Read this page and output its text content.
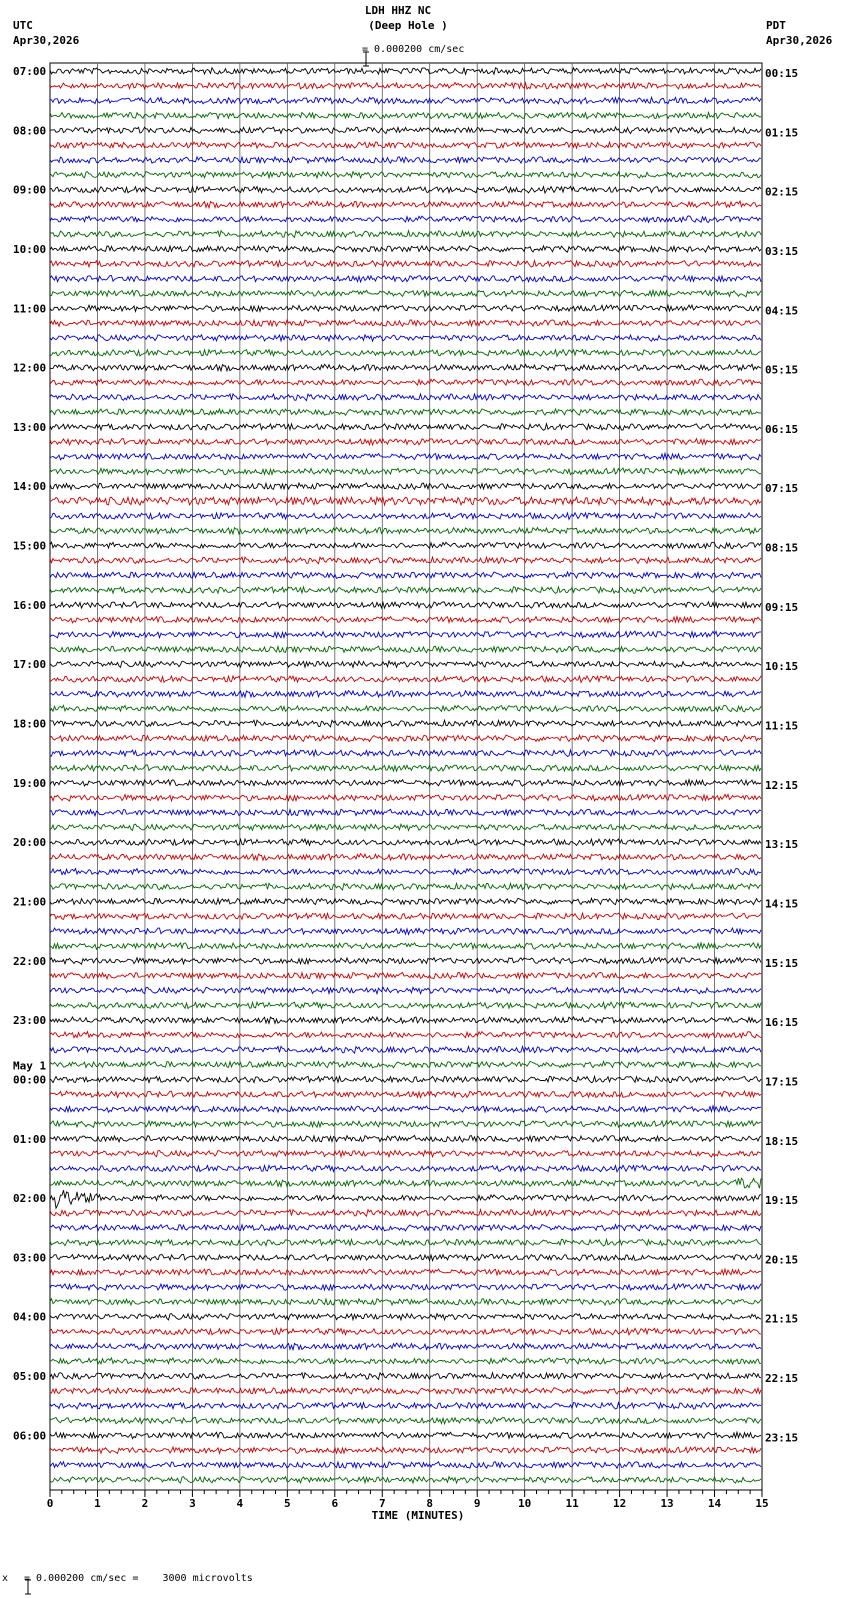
LDH HHZ NC
(Deep Hole )

= 0.000200 cm/sec
UTC
Apr30,2026
PDT
Apr30,2026
07:00	00:15
08:00	01:15
09:00	02:15
10:00	03:15
11:00	04:15
12:00	05:15
13:00	06:15
14:00	07:15
15:00	08:15
16:00	09:15
17:00	10:15
18:00	11:15
19:00	12:15
20:00	13:15
21:00	14:15
22:00	15:15
23:00	16:15
00:00	17:15
01:00	18:15
02:00	19:15
03:00	20:15
04:00	21:15
05:00	22:15
06:00	23:15
May 1
0	1	2	3	4	5	6	7	8	9	10	11	12	13	14	15
TIME (MINUTES)
x

= 0.000200 cm/sec =    3000 microvolts
